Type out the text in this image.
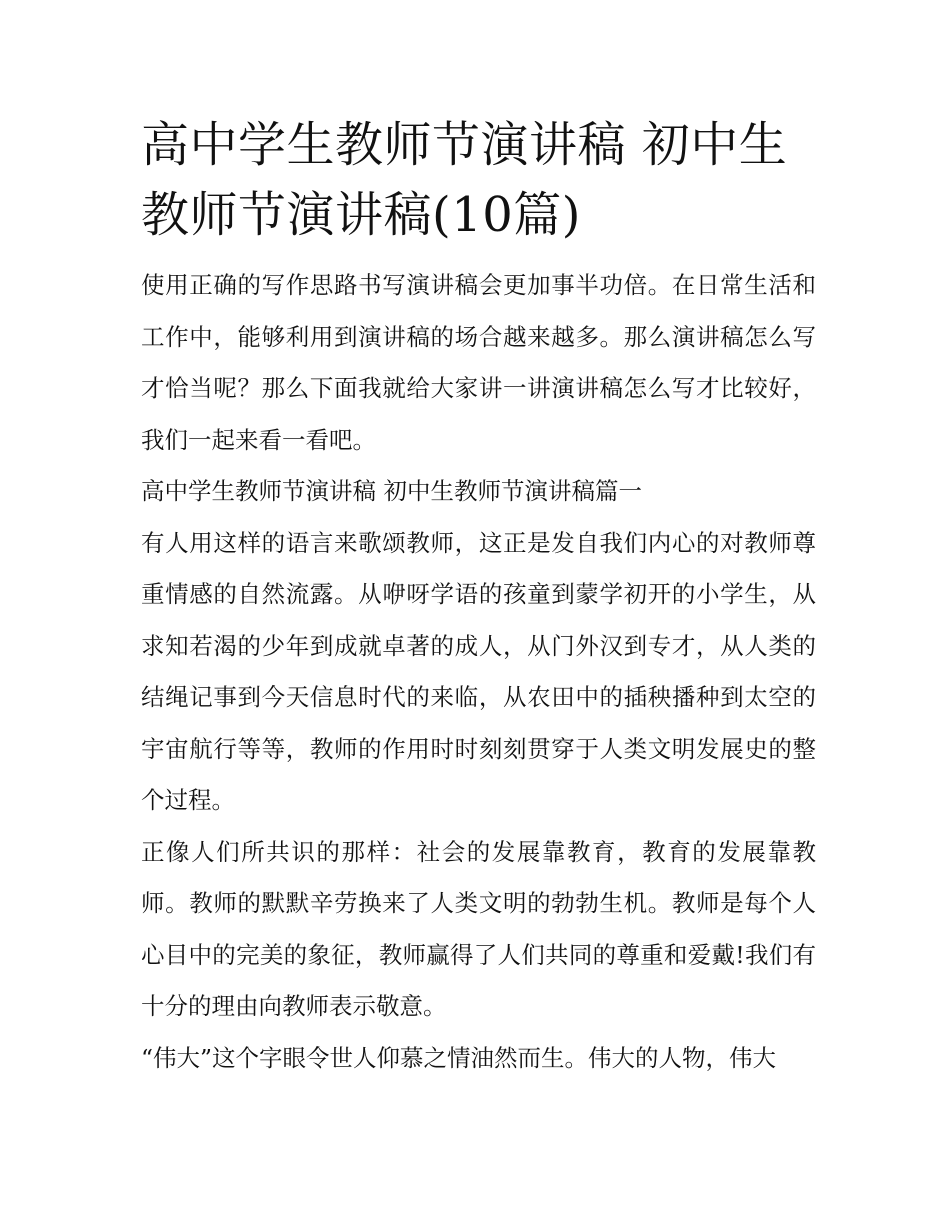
高中学生教师节演讲稿 初中生教师节演讲稿(10篇)

使用正确的写作思路书写演讲稿会更加事半功倍。在日常生活和工作中，能够利用到演讲稿的场合越来越多。那么演讲稿怎么写才恰当呢？那么下面我就给大家讲一讲演讲稿怎么写才比较好，我们一起来看一看吧。

高中学生教师节演讲稿 初中生教师节演讲稿篇一

有人用这样的语言来歌颂教师，这正是发自我们内心的对教师尊重情感的自然流露。从咿呀学语的孩童到蒙学初开的小学生，从求知若渴的少年到成就卓著的成人，从门外汉到专才，从人类的结绳记事到今天信息时代的来临，从农田中的插秧播种到太空的宇宙航行等等，教师的作用时时刻刻贯穿于人类文明发展史的整个过程。

正像人们所共识的那样：社会的发展靠教育，教育的发展靠教师。教师的默默辛劳换来了人类文明的勃勃生机。教师是每个人心目中的完美的象征，教师赢得了人们共同的尊重和爱戴!我们有十分的理由向教师表示敬意。

“伟大”这个字眼令世人仰慕之情油然而生。伟大的人物，伟大
